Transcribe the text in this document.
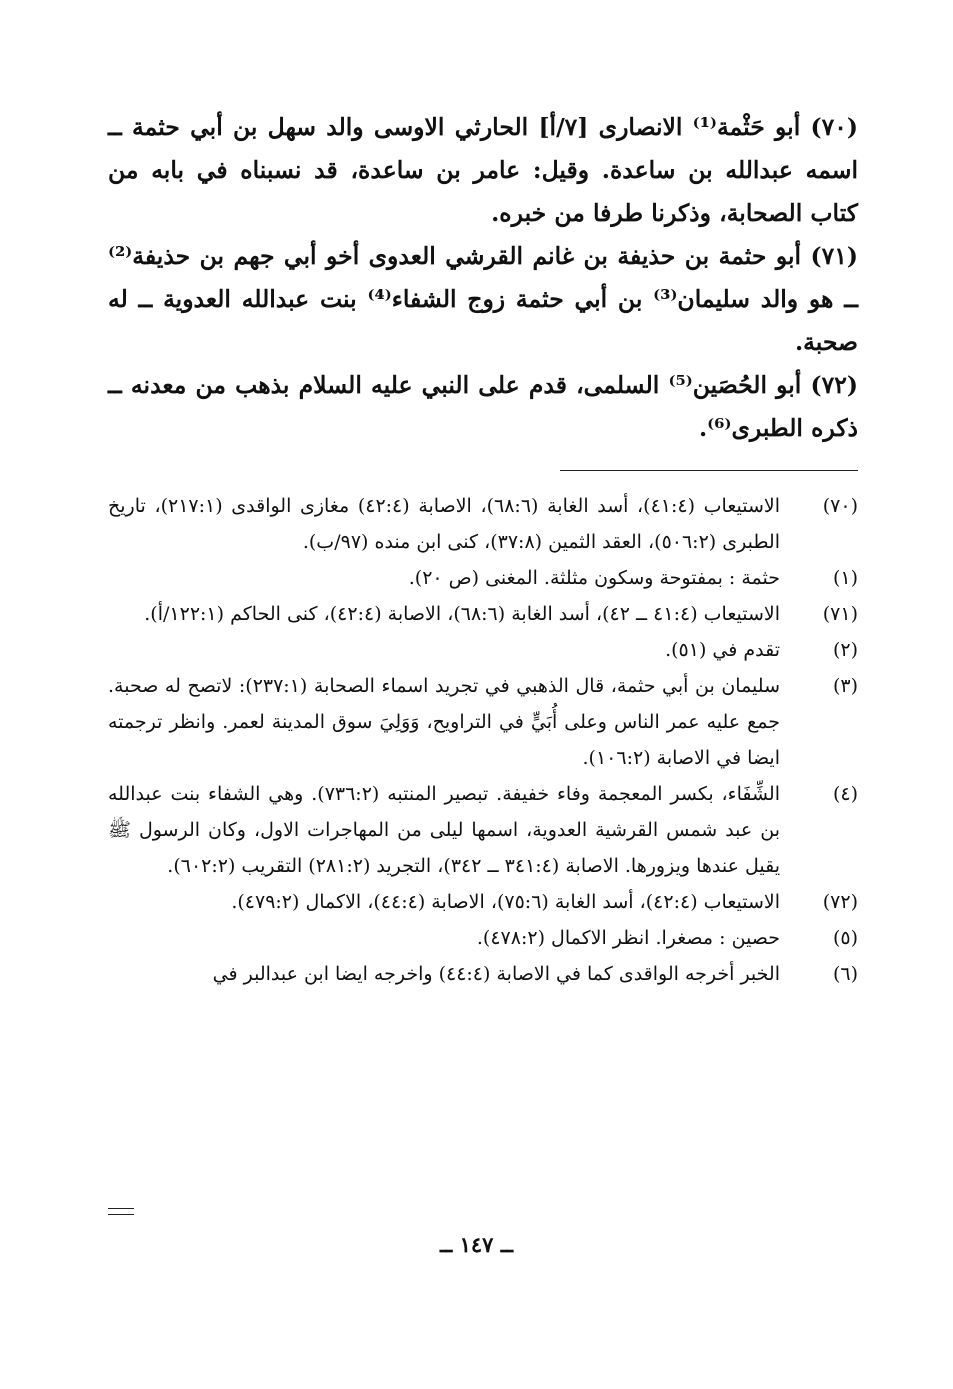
(٧٠) أبو حَثْمة⁽¹⁾ الانصارى [٧/أ] الحارثي الاوسى والد سهل بن أبي حثمة ــ اسمه عبدالله بن ساعدة. وقيل: عامر بن ساعدة، قد نسبناه في بابه من كتاب الصحابة، وذكرنا طرفا من خبره.

(٧١) أبو حثمة بن حذيفة بن غانم القرشي العدوى أخو أبي جهم بن حذيفة⁽²⁾ ــ هو والد سليمان⁽³⁾ بن أبي حثمة زوج الشفاء⁽⁴⁾ بنت عبدالله العدوية ــ له صحبة.

(٧٢) أبو الحُصَين⁽⁵⁾ السلمى، قدم على النبي عليه السلام بذهب من معدنه ــ ذكره الطبرى⁽⁶⁾.

(٧٠)
الاستيعاب (٤١:٤)، أسد الغابة (٦٨:٦)، الاصابة (٤٢:٤) مغازى الواقدى (٢١٧:١)، تاريخ الطبرى (٥٠٦:٢)، العقد الثمين (٣٧:٨)، كنى ابن منده (٩٧/ب).
(١)
حثمة : بمفتوحة وسكون مثلثة. المغنى (ص ٢٠).
(٧١)
الاستيعاب (٤١:٤ ــ ٤٢)، أسد الغابة (٦٨:٦)، الاصابة (٤٢:٤)، كنى الحاكم (١٢٢:١/أ).
(٢)
تقدم في (٥١).
(٣)
سليمان بن أبي حثمة، قال الذهبي في تجريد اسماء الصحابة (٢٣٧:١): لاتصح له صحبة. جمع عليه عمر الناس وعلى أُبَيٍّ في التراويح، وَوَلِيَ سوق المدينة لعمر. وانظر ترجمته ايضا في الاصابة (١٠٦:٢).
(٤)
الشِّفَاء، بكسر المعجمة وفاء خفيفة. تبصير المنتبه (٧٣٦:٢). وهي الشفاء بنت عبدالله بن عبد شمس القرشية العدوية، اسمها ليلى من المهاجرات الاول، وكان الرسول ﷺ يقيل عندها ويزورها. الاصابة (٣٤١:٤ ــ ٣٤٢)، التجريد (٢٨١:٢) التقريب (٦٠٢:٢).
(٧٢)
الاستيعاب (٤٢:٤)، أسد الغابة (٧٥:٦)، الاصابة (٤٤:٤)، الاكمال (٤٧٩:٢).
(٥)
حصين : مصغرا. انظر الاكمال (٤٧٨:٢).
(٦)
الخبر أخرجه الواقدى كما في الاصابة (٤٤:٤) واخرجه ايضا ابن عبدالبر في
ــ ١٤٧ ــ
